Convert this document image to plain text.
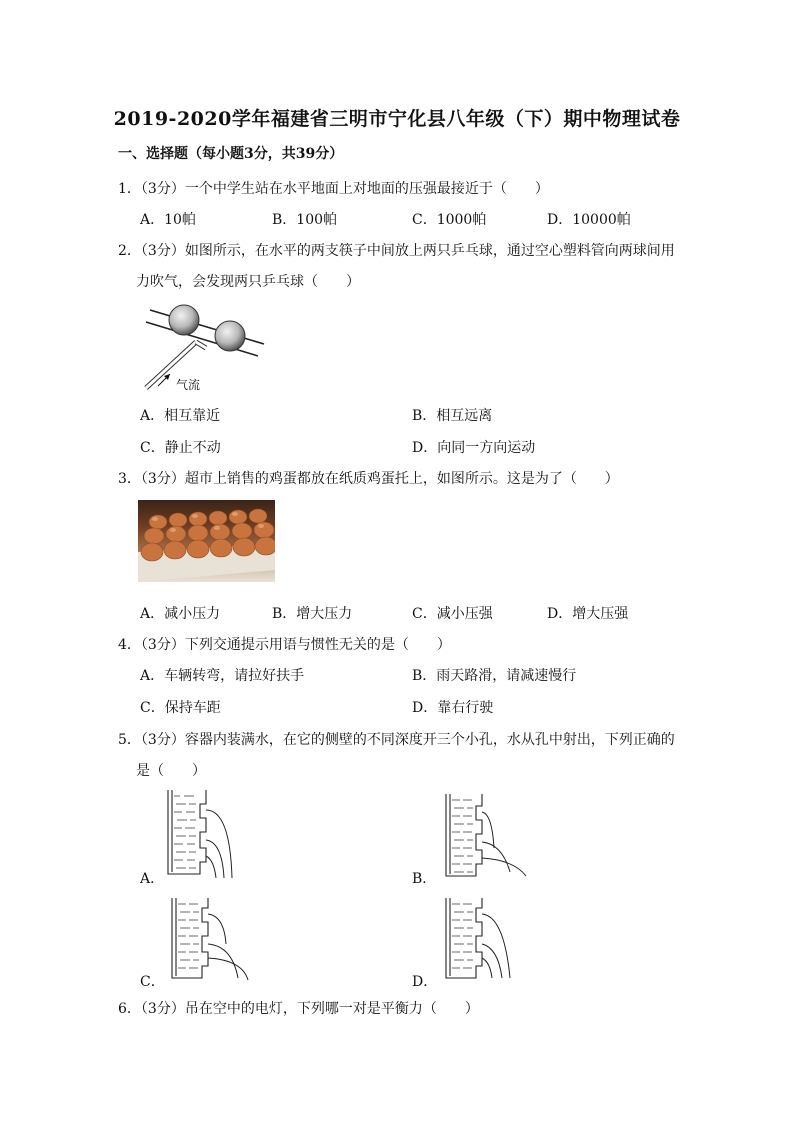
2019-2020学年福建省三明市宁化县八年级（下）期中物理试卷
一、选择题（每小题3分，共39分）
1．（3分）一个中学生站在水平地面上对地面的压强最接近于（　　）
A．10帕	B．100帕	C．1000帕	D．10000帕
2．（3分）如图所示，在水平的两支筷子中间放上两只乒乓球，通过空心塑料管向两球间用
力吹气，会发现两只乒乓球（　　）
气流
A．相互靠近	B．相互远离
C．静止不动	D．向同一方向运动
3．（3分）超市上销售的鸡蛋都放在纸质鸡蛋托上，如图所示。这是为了（　　）
A．减小压力	B．增大压力	C．减小压强	D．增大压强
4．（3分）下列交通提示用语与惯性无关的是（　　）
A．车辆转弯，请拉好扶手	B．雨天路滑，请减速慢行
C．保持车距	D．靠右行驶
5．（3分）容器内装满水，在它的侧壁的不同深度开三个小孔，水从孔中射出，下列正确的
是（　　）
A．	B．
C．	D．
6．（3分）吊在空中的电灯，下列哪一对是平衡力（　　）
